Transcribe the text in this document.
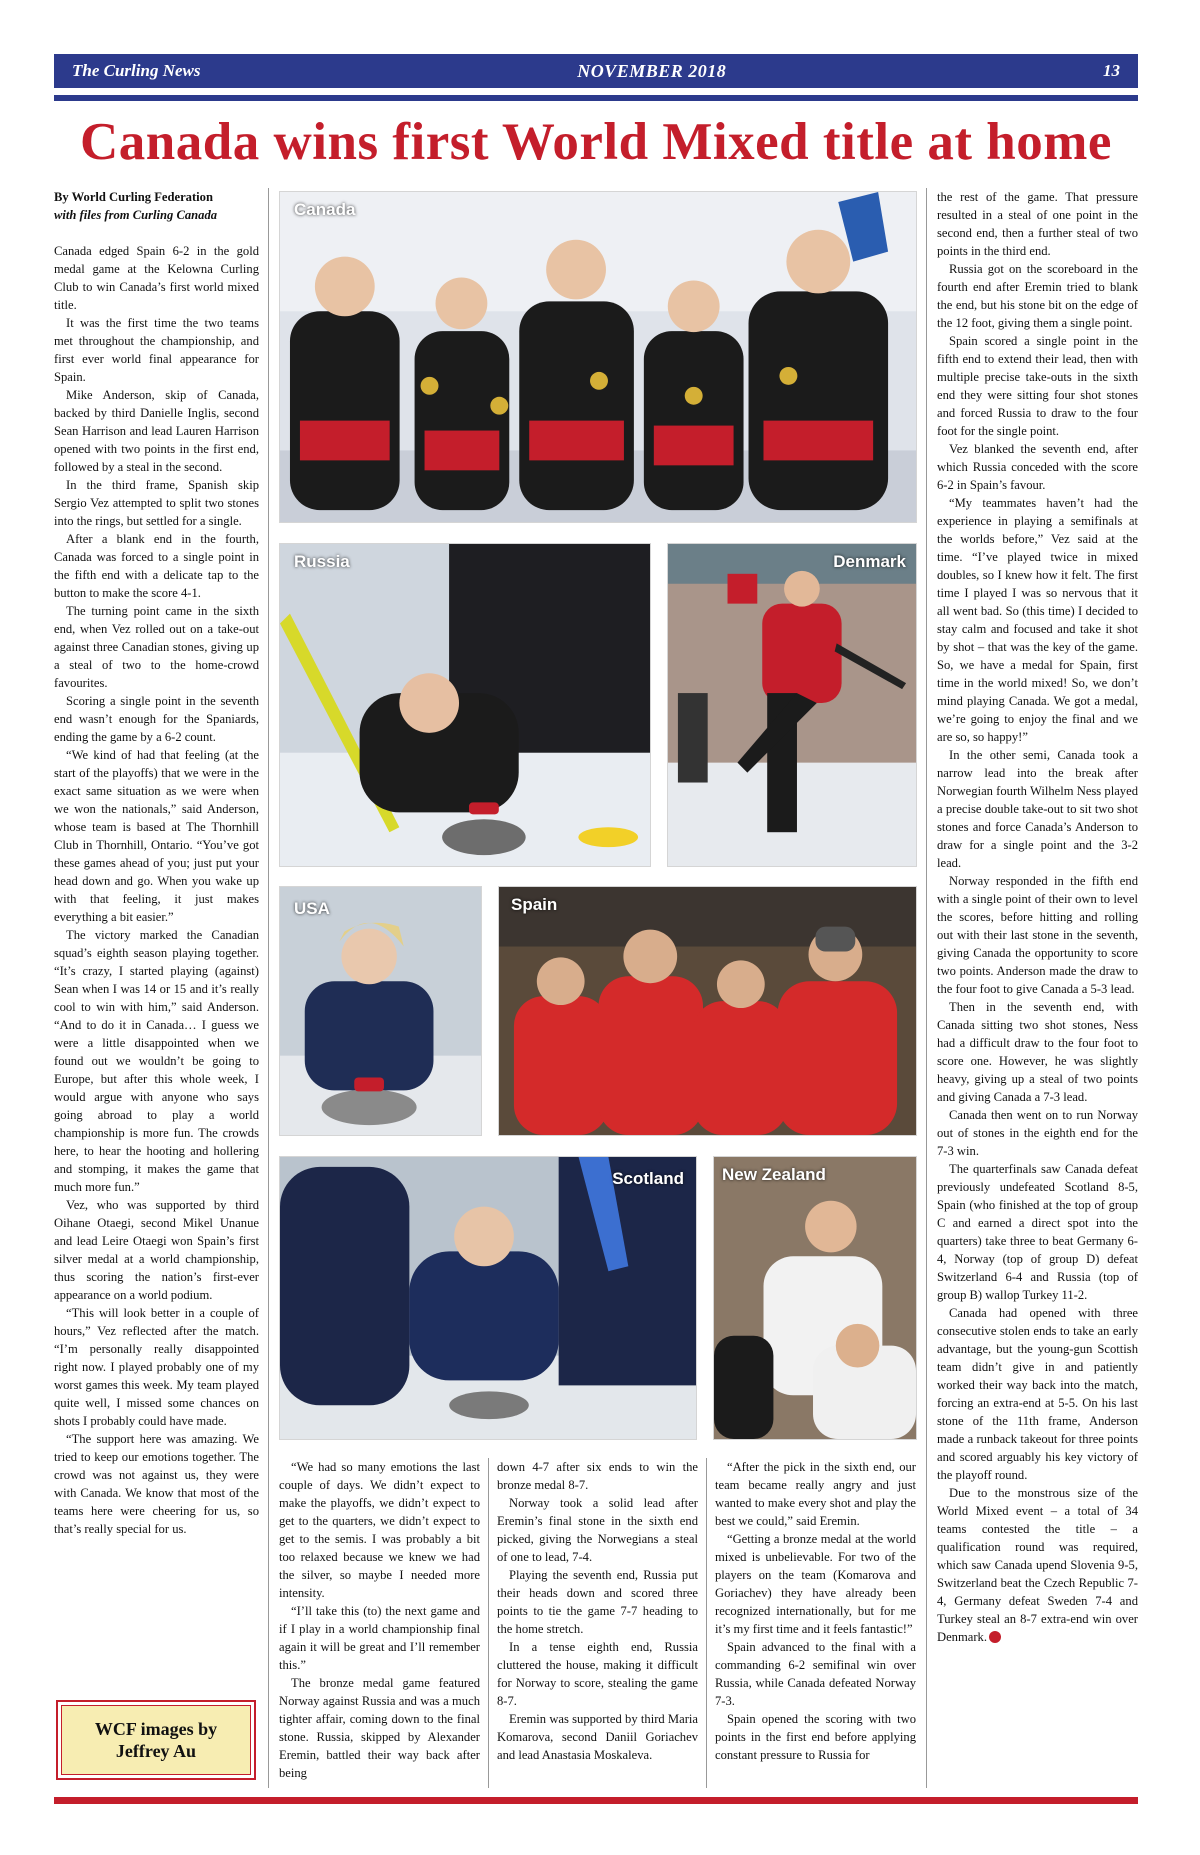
The Curling News	NOVEMBER 2018	13
Canada wins first World Mixed title at home

By World Curling Federation

with files from Curling Canada

Canada edged Spain 6-2 in the gold medal game at the Kelowna Curling Club to win Canada’s first world mixed title.

It was the first time the two teams met throughout the championship, and first ever world final appearance for Spain.

Mike Anderson, skip of Canada, backed by third Danielle Inglis, second Sean Harrison and lead Lauren Harrison opened with two points in the first end, followed by a steal in the second.

In the third frame, Spanish skip Sergio Vez attempted to split two stones into the rings, but settled for a single.

After a blank end in the fourth, Canada was forced to a single point in the fifth end with a delicate tap to the button to make the score 4-1.

The turning point came in the sixth end, when Vez rolled out on a take-out against three Canadian stones, giving up a steal of two to the home-crowd favourites.

Scoring a single point in the seventh end wasn’t enough for the Spaniards, ending the game by a 6-2 count.

“We kind of had that feeling (at the start of the playoffs) that we were in the exact same situation as we were when we won the nationals,” said Anderson, whose team is based at The Thornhill Club in Thornhill, Ontario. “You’ve got these games ahead of you; just put your head down and go. When you wake up with that feeling, it just makes everything a bit easier.”

The victory marked the Canadian squad’s eighth season playing together. “It’s crazy, I started playing (against) Sean when I was 14 or 15 and it’s really cool to win with him,” said Anderson. “And to do it in Canada… I guess we were a little disappointed when we found out we wouldn’t be going to Europe, but after this whole week, I would argue with anyone who says going abroad to play a world championship is more fun. The crowds here, to hear the hooting and hollering and stomping, it makes the game that much more fun.”

Vez, who was supported by third Oihane Otaegi, second Mikel Unanue and lead Leire Otaegi won Spain’s first silver medal at a world championship, thus scoring the nation’s first-ever appearance on a world podium.

“This will look better in a couple of hours,” Vez reflected after the match. “I’m personally really disappointed right now. I played probably one of my worst games this week. My team played quite well, I missed some chances on shots I probably could have made.

“The support here was amazing. We tried to keep our emotions together. The crowd was not against us, they were with Canada. We know that most of the teams here were cheering for us, so that’s really special for us.

WCF images by
Jeffrey Au
Canada
Russia	Denmark
USA	Spain
Scotland New Zealand

“We had so many emotions the last couple of days. We didn’t expect to make the playoffs, we didn’t expect to get to the quarters, we didn’t expect to get to the semis. I was probably a bit too relaxed because we knew we had the silver, so maybe I needed more intensity.

“I’ll take this (to) the next game and if I play in a world championship final again it will be great and I’ll remember this.”

The bronze medal game featured Norway against Russia and was a much tighter affair, coming down to the final stone. Russia, skipped by Alexander Eremin, battled their way back after being

down 4-7 after six ends to win the bronze medal 8-7.

Norway took a solid lead after Eremin’s final stone in the sixth end picked, giving the Norwegians a steal of one to lead, 7-4.

Playing the seventh end, Russia put their heads down and scored three points to tie the game 7-7 heading to the home stretch.

In a tense eighth end, Russia cluttered the house, making it difficult for Norway to score, stealing the game 8-7.

Eremin was supported by third Maria Komarova, second Daniil Goriachev and lead Anastasia Moskaleva.

“After the pick in the sixth end, our team became really angry and just wanted to make every shot and play the best we could,” said Eremin.

“Getting a bronze medal at the world mixed is unbelievable. For two of the players on the team (Komarova and Goriachev) they have already been recognized internationally, but for me it’s my first time and it feels fantastic!”

Spain advanced to the final with a commanding 6-2 semifinal win over Russia, while Canada defeated Norway 7-3.

Spain opened the scoring with two points in the first end before applying constant pressure to Russia for

the rest of the game. That pressure resulted in a steal of one point in the second end, then a further steal of two points in the third end.

Russia got on the scoreboard in the fourth end after Eremin tried to blank the end, but his stone bit on the edge of the 12 foot, giving them a single point.

Spain scored a single point in the fifth end to extend their lead, then with multiple precise take-outs in the sixth end they were sitting four shot stones and forced Russia to draw to the four foot for the single point.

Vez blanked the seventh end, after which Russia conceded with the score 6-2 in Spain’s favour.

“My teammates haven’t had the experience in playing a semifinals at the worlds before,” Vez said at the time. “I’ve played twice in mixed doubles, so I knew how it felt. The first time I played I was so nervous that it all went bad. So (this time) I decided to stay calm and focused and take it shot by shot – that was the key of the game. So, we have a medal for Spain, first time in the world mixed! So, we don’t mind playing Canada. We got a medal, we’re going to enjoy the final and we are so, so happy!”

In the other semi, Canada took a narrow lead into the break after Norwegian fourth Wilhelm Ness played a precise double take-out to sit two shot stones and force Canada’s Anderson to draw for a single point and the 3-2 lead.

Norway responded in the fifth end with a single point of their own to level the scores, before hitting and rolling out with their last stone in the seventh, giving Canada the opportunity to score two points. Anderson made the draw to the four foot to give Canada a 5-3 lead.

Then in the seventh end, with Canada sitting two shot stones, Ness had a difficult draw to the four foot to score one. However, he was slightly heavy, giving up a steal of two points and giving Canada a 7-3 lead.

Canada then went on to run Norway out of stones in the eighth end for the 7-3 win.

The quarterfinals saw Canada defeat previously undefeated Scotland 8-5, Spain (who finished at the top of group C and earned a direct spot into the quarters) take three to beat Germany 6-4, Norway (top of group D) defeat Switzerland 6-4 and Russia (top of group B) wallop Turkey 11-2.

Canada had opened with three consecutive stolen ends to take an early advantage, but the young-gun Scottish team didn’t give in and patiently worked their way back into the match, forcing an extra-end at 5-5. On his last stone of the 11th frame, Anderson made a runback takeout for three points and scored arguably his key victory of the playoff round.

Due to the monstrous size of the World Mixed event – a total of 34 teams contested the title – a qualification round was required, which saw Canada upend Slovenia 9-5, Switzerland beat the Czech Republic 7-4, Germany defeat Sweden 7-4 and Turkey steal an 8-7 extra-end win over Denmark.
